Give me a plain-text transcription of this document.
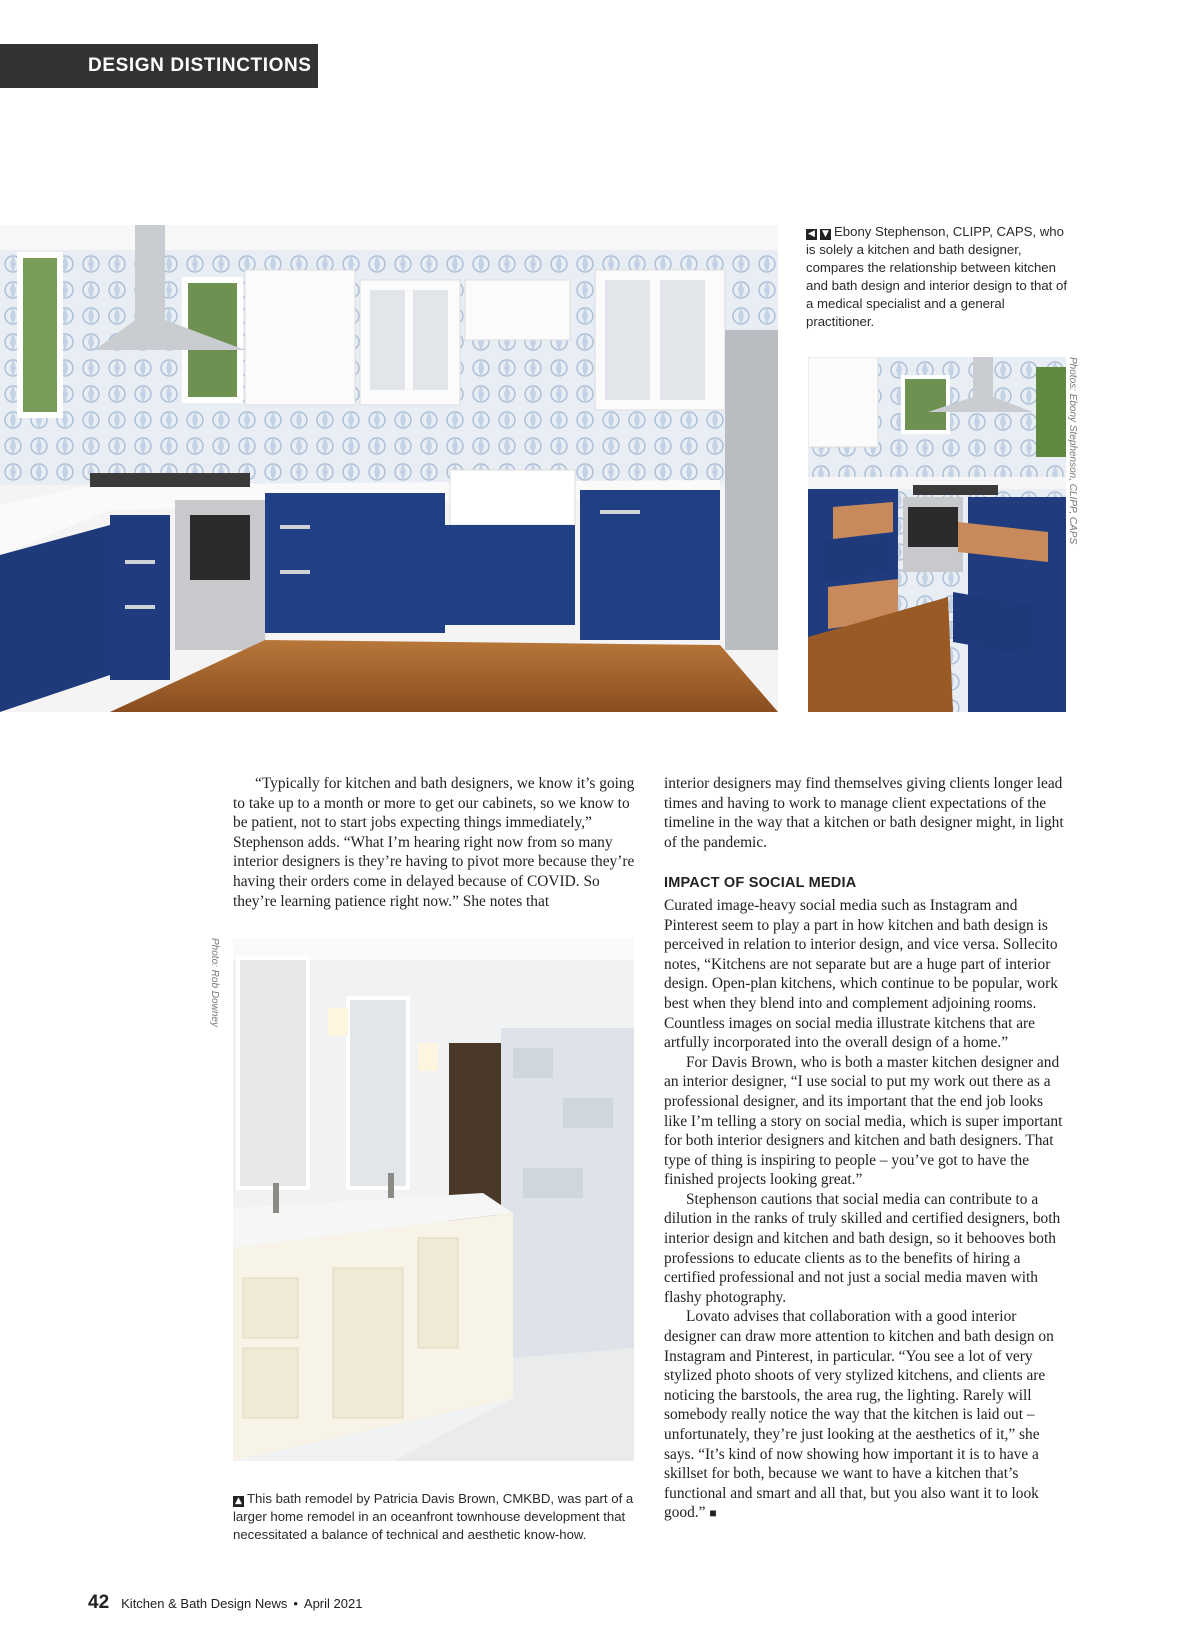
DESIGN DISTINCTIONS
◀ ▼ Ebony Stephenson, CLIPP, CAPS, who is solely a kitchen and bath designer, compares the relationship between kitchen and bath design and interior design to that of a medical specialist and a general practitioner.
Photos: Ebony Stephenson, CLIPP, CAPS

“Typically for kitchen and bath designers, we know it’s going to take up to a month or more to get our cabinets, so we know to be patient, not to start jobs expecting things immediately,” Stephenson adds. “What I’m hearing right now from so many interior designers is they’re having to pivot more because they’re having their orders come in delayed because of COVID. So they’re learning patience right now.” She notes that

interior designers may find themselves giving clients longer lead times and having to work to manage client expectations of the timeline in the way that a kitchen or bath designer might, in light of the pandemic.

IMPACT OF SOCIAL MEDIA

Curated image-heavy social media such as Instagram and Pinterest seem to play a part in how kitchen and bath design is perceived in relation to interior design, and vice versa. Sollecito notes, “Kitchens are not separate but are a huge part of interior design. Open-plan kitchens, which continue to be popular, work best when they blend into and complement adjoining rooms. Countless images on social media illustrate kitchens that are artfully incorporated into the overall design of a home.”

For Davis Brown, who is both a master kitchen designer and an interior designer, “I use social to put my work out there as a professional designer, and its important that the end job looks like I’m telling a story on social media, which is super important for both interior designers and kitchen and bath designers. That type of thing is inspiring to people – you’ve got to have the finished projects looking great.”

Stephenson cautions that social media can contribute to a dilution in the ranks of truly skilled and certified designers, both interior design and kitchen and bath design, so it behooves both professions to educate clients as to the benefits of hiring a certified professional and not just a social media maven with flashy photography.

Lovato advises that collaboration with a good interior designer can draw more attention to kitchen and bath design on Instagram and Pinterest, in particular. “You see a lot of very stylized photo shoots of very stylized kitchens, and clients are noticing the barstools, the area rug, the lighting. Rarely will somebody really notice the way that the kitchen is laid out – unfortunately, they’re just looking at the aesthetics of it,” she says. “It’s kind of now showing how important it is to have a skillset for both, because we want to have a kitchen that’s functional and smart and all that, but you also want it to look good.” ■

Photo: Rob Downey
▲ This bath remodel by Patricia Davis Brown, CMKBD, was part of a larger home remodel in an oceanfront townhouse development that necessitated a balance of technical and aesthetic know-how.
42 Kitchen & Bath Design News • April 2021
